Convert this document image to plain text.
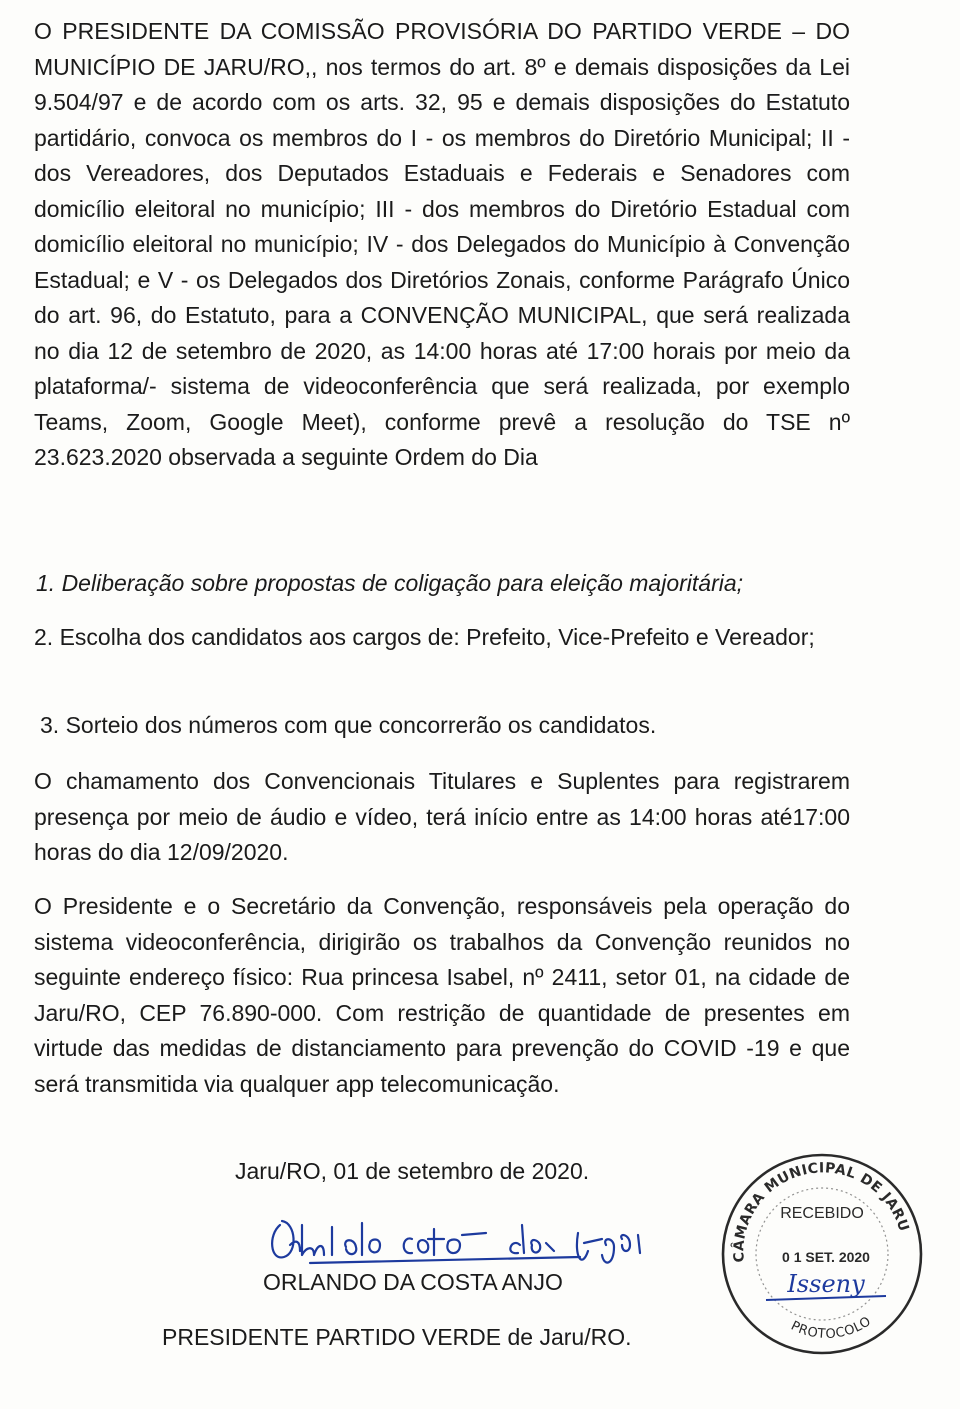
O PRESIDENTE DA COMISSÃO PROVISÓRIA DO PARTIDO VERDE – DO MUNICÍPIO DE JARU/RO,, nos termos do art. 8º e demais disposições da Lei 9.504/97 e de acordo com os arts. 32, 95 e demais disposições do Estatuto partidário, convoca os membros do I - os membros do Diretório Municipal; II - dos Vereadores, dos Deputados Estaduais e Federais e Senadores com domicílio eleitoral no município; III - dos membros do Diretório Estadual com domicílio eleitoral no município; IV - dos Delegados do Município à Convenção Estadual; e V - os Delegados dos Diretórios Zonais, conforme Parágrafo Único do art. 96, do Estatuto, para a CONVENÇÃO MUNICIPAL, que será realizada no dia 12 de setembro de 2020, as 14:00 horas até 17:00 horais por meio da plataforma/- sistema de videoconferência que será realizada, por exemplo Teams, Zoom, Google Meet), conforme prevê a resolução do TSE nº 23.623.2020 observada a seguinte Ordem do Dia
1. Deliberação sobre propostas de coligação para eleição majoritária;
2. Escolha dos candidatos aos cargos de: Prefeito, Vice-Prefeito e Vereador;
3. Sorteio dos números com que concorrerão os candidatos.
O chamamento dos Convencionais Titulares e Suplentes para registrarem presença por meio de áudio e vídeo, terá início entre as 14:00 horas até17:00 horas do dia 12/09/2020.
O Presidente e o Secretário da Convenção, responsáveis pela operação do sistema videoconferência, dirigirão os trabalhos da Convenção reunidos no seguinte endereço físico: Rua princesa Isabel, nº 2411, setor 01, na cidade de Jaru/RO, CEP 76.890-000. Com restrição de quantidade de presentes em virtude das medidas de distanciamento para prevenção do COVID -19 e que será transmitida via qualquer app telecomunicação.
Jaru/RO, 01 de setembro de 2020.
ORLANDO DA COSTA ANJO
PRESIDENTE PARTIDO VERDE de Jaru/RO.
CÂMARA MUNICIPAL DE JARU
PROTOCOLO
RECEBIDO
0 1 SET. 2020
Isseny
